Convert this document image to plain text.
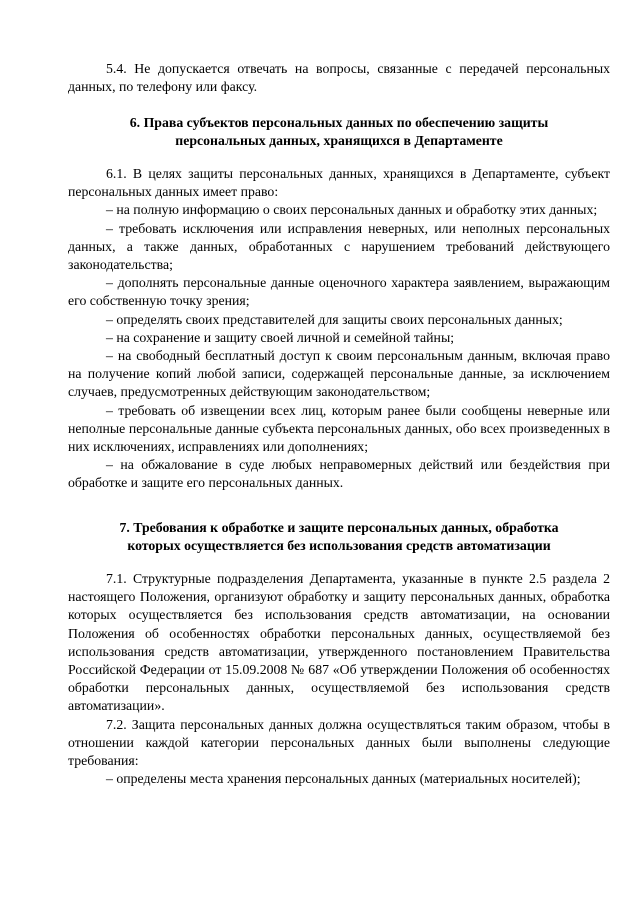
5.4. Не допускается отвечать на вопросы, связанные с передачей персональных данных, по телефону или факсу.

6. Права субъектов персональных данных по обеспечению защиты

персональных данных, хранящихся в Департаменте

6.1. В целях защиты персональных данных, хранящихся в Департаменте, субъект персональных данных имеет право:

– на полную информацию о своих персональных данных и обработку этих данных;

– требовать исключения или исправления неверных, или неполных персональных данных, а также данных, обработанных с нарушением требований действующего законодательства;

– дополнять персональные данные оценочного характера заявлением, выражающим его собственную точку зрения;

– определять своих представителей для защиты своих персональных данных;

– на сохранение и защиту своей личной и семейной тайны;

– на свободный бесплатный доступ к своим персональным данным, включая право на получение копий любой записи, содержащей персональные данные, за исключением случаев, предусмотренных действующим законодательством;

– требовать об извещении всех лиц, которым ранее были сообщены неверные или неполные персональные данные субъекта персональных данных, обо всех произведенных в них исключениях, исправлениях или дополнениях;

– на обжалование в суде любых неправомерных действий или бездействия при обработке и защите его персональных данных.

7. Требования к обработке и защите персональных данных, обработка

которых осуществляется без использования средств автоматизации

7.1. Структурные подразделения Департамента, указанные в пункте 2.5 раздела 2 настоящего Положения, организуют обработку и защиту персональных данных, обработка которых осуществляется без использования средств автоматизации, на основании Положения об особенностях обработки персональных данных, осуществляемой без использования средств автоматизации, утвержденного постановлением Правительства Российской Федерации от 15.09.2008 № 687 «Об утверждении Положения об особенностях обработки персональных данных, осуществляемой без использования средств автоматизации».

7.2. Защита персональных данных должна осуществляться таким образом, чтобы в отношении каждой категории персональных данных были выполнены следующие требования:

– определены места хранения персональных данных (материальных носителей);
